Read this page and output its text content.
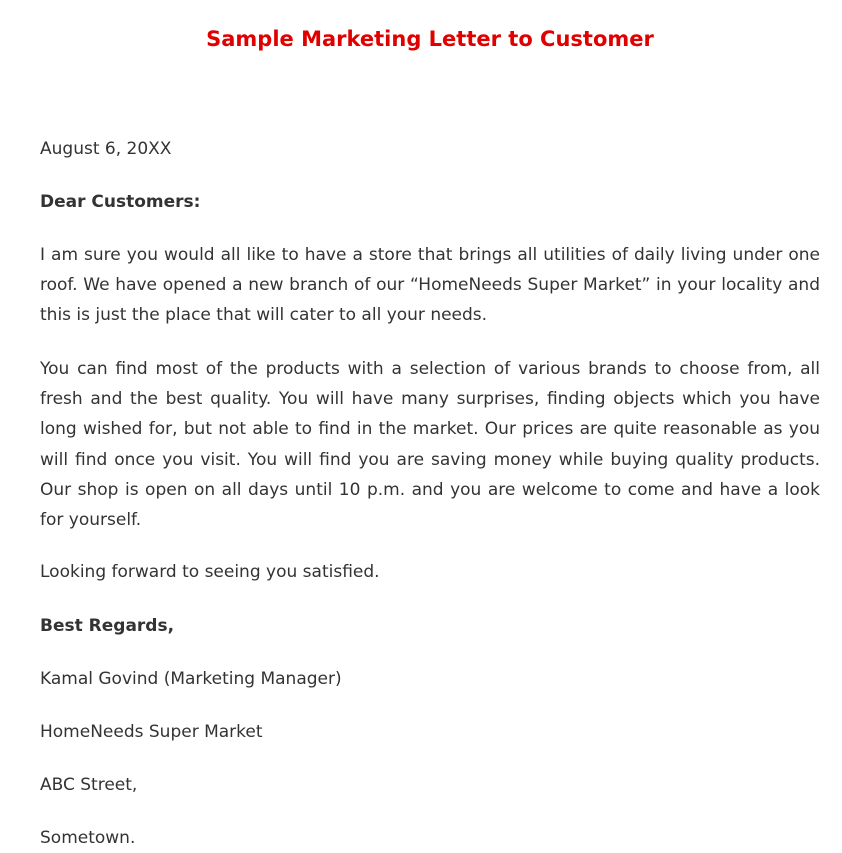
Sample Marketing Letter to Customer

August 6, 20XX

Dear Customers:

I am sure you would all like to have a store that brings all utilities of daily living under one roof. We have opened a new branch of our “HomeNeeds Super Market” in your locality and this is just the place that will cater to all your needs.

You can find most of the products with a selection of various brands to choose from, all fresh and the best quality. You will have many surprises, finding objects which you have long wished for, but not able to find in the market. Our prices are quite reasonable as you will find once you visit. You will find you are saving money while buying quality products. Our shop is open on all days until 10 p.m. and you are welcome to come and have a look for yourself.

Looking forward to seeing you satisfied.

Best Regards,

Kamal Govind (Marketing Manager)

HomeNeeds Super Market

ABC Street,

Sometown.
